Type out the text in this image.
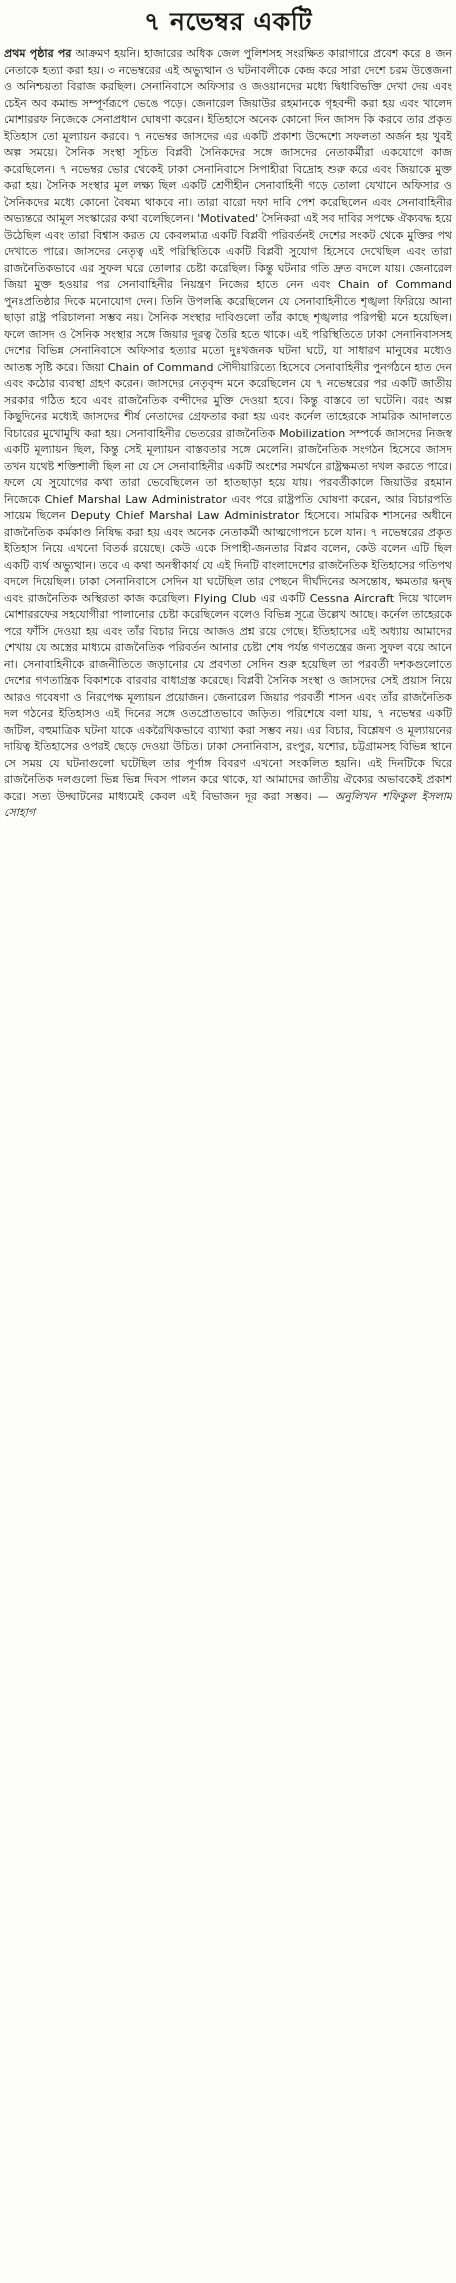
৭ নভেম্বর একটি

প্রথম পৃষ্ঠার পর আক্রমণ হয়নি। হাজারের অধিক জেল পুলিশসহ সংরক্ষিত কারাগারে প্রবেশ করে ৪ জন নেতাকে হত্যা করা হয়। ৩ নভেম্বরের এই অভ্যুত্থান ও ঘটনাবলীকে কেন্দ্র করে সারা দেশে চরম উত্তেজনা ও অনিশ্চয়তা বিরাজ করছিল। সেনানিবাসে অফিসার ও জওয়ানদের মধ্যে দ্বিধাবিভক্তি দেখা দেয় এবং চেইন অব কমান্ড সম্পূর্ণরূপে ভেঙে পড়ে। জেনারেল জিয়াউর রহমানকে গৃহবন্দী করা হয় এবং খালেদ মোশাররফ নিজেকে সেনাপ্রধান ঘোষণা করেন। ইতিহাসে অনেক কোনো দিন জাসদ কি করবে তার প্রকৃত ইতিহাস তো মূল্যায়ন করবে। ৭ নভেম্বর জাসদের এর একটি প্রকাশ্য উদ্দেশ্যে সফলতা অর্জন হয় খুবই অল্প সময়ে। সৈনিক সংস্থা সূচিত বিপ্লবী সৈনিকদের সঙ্গে জাসদের নেতাকর্মীরা একযোগে কাজ করেছিলেন। ৭ নভেম্বর ভোর থেকেই ঢাকা সেনানিবাসে সিপাহীরা বিদ্রোহ শুরু করে এবং জিয়াকে মুক্ত করা হয়। সৈনিক সংস্থার মূল লক্ষ্য ছিল একটি শ্রেণীহীন সেনাবাহিনী গড়ে তোলা যেখানে অফিসার ও সৈনিকদের মধ্যে কোনো বৈষম্য থাকবে না। তারা বারো দফা দাবি পেশ করেছিলেন এবং সেনাবাহিনীর অভ্যন্তরে আমূল সংস্কারের কথা বলেছিলেন। 'Motivated' সৈনিকরা এই সব দাবির সপক্ষে ঐক্যবদ্ধ হয়ে উঠেছিল এবং তারা বিশ্বাস করত যে কেবলমাত্র একটি বিপ্লবী পরিবর্তনই দেশের সংকট থেকে মুক্তির পথ দেখাতে পারে। জাসদের নেতৃত্ব এই পরিস্থিতিকে একটি বিপ্লবী সুযোগ হিসেবে দেখেছিল এবং তারা রাজনৈতিকভাবে এর সুফল ঘরে তোলার চেষ্টা করেছিল। কিন্তু ঘটনার গতি দ্রুত বদলে যায়। জেনারেল জিয়া মুক্ত হওয়ার পর সেনাবাহিনীর নিয়ন্ত্রণ নিজের হাতে নেন এবং Chain of Command পুনঃপ্রতিষ্ঠার দিকে মনোযোগ দেন। তিনি উপলব্ধি করেছিলেন যে সেনাবাহিনীতে শৃঙ্খলা ফিরিয়ে আনা ছাড়া রাষ্ট্র পরিচালনা সম্ভব নয়। সৈনিক সংস্থার দাবিগুলো তাঁর কাছে শৃঙ্খলার পরিপন্থী মনে হয়েছিল। ফলে জাসদ ও সৈনিক সংস্থার সঙ্গে জিয়ার দূরত্ব তৈরি হতে থাকে। এই পরিস্থিতিতে ঢাকা সেনানিবাসসহ দেশের বিভিন্ন সেনানিবাসে অফিসার হত্যার মতো দুঃখজনক ঘটনা ঘটে, যা সাধারণ মানুষের মধ্যেও আতঙ্ক সৃষ্টি করে। জিয়া Chain of Command সৌদীয়ারিত্যে হিসেবে সেনাবাহিনীর পুনর্গঠনে হাত দেন এবং কঠোর ব্যবস্থা গ্রহণ করেন। জাসদের নেতৃবৃন্দ মনে করেছিলেন যে ৭ নভেম্বরের পর একটি জাতীয় সরকার গঠিত হবে এবং রাজনৈতিক বন্দীদের মুক্তি দেওয়া হবে। কিন্তু বাস্তবে তা ঘটেনি। বরং অল্প কিছুদিনের মধ্যেই জাসদের শীর্ষ নেতাদের গ্রেফতার করা হয় এবং কর্নেল তাহেরকে সামরিক আদালতে বিচারের মুখোমুখি করা হয়। সেনাবাহিনীর ভেতরের রাজনৈতিক Mobilization সম্পর্কে জাসদের নিজস্ব একটি মূল্যায়ন ছিল, কিন্তু সেই মূল্যায়ন বাস্তবতার সঙ্গে মেলেনি। রাজনৈতিক সংগঠন হিসেবে জাসদ তখন যথেষ্ট শক্তিশালী ছিল না যে সে সেনাবাহিনীর একটি অংশের সমর্থনে রাষ্ট্রক্ষমতা দখল করতে পারে। ফলে যে সুযোগের কথা তারা ভেবেছিলেন তা হাতছাড়া হয়ে যায়। পরবর্তীকালে জিয়াউর রহমান নিজেকে Chief Marshal Law Administrator এবং পরে রাষ্ট্রপতি ঘোষণা করেন, আর বিচারপতি সায়েম ছিলেন Deputy Chief Marshal Law Administrator হিসেবে। সামরিক শাসনের অধীনে রাজনৈতিক কর্মকাণ্ড নিষিদ্ধ করা হয় এবং অনেক নেতাকর্মী আত্মগোপনে চলে যান। ৭ নভেম্বরের প্রকৃত ইতিহাস নিয়ে এখনো বিতর্ক রয়েছে। কেউ একে সিপাহী-জনতার বিপ্লব বলেন, কেউ বলেন এটি ছিল একটি ব্যর্থ অভ্যুত্থান। তবে এ কথা অনস্বীকার্য যে এই দিনটি বাংলাদেশের রাজনৈতিক ইতিহাসের গতিপথ বদলে দিয়েছিল। ঢাকা সেনানিবাসে সেদিন যা ঘটেছিল তার পেছনে দীর্ঘদিনের অসন্তোষ, ক্ষমতার দ্বন্দ্ব এবং রাজনৈতিক অস্থিরতা কাজ করেছিল। Flying Club এর একটি Cessna Aircraft দিয়ে খালেদ মোশাররফের সহযোগীরা পালানোর চেষ্টা করেছিলেন বলেও বিভিন্ন সূত্রে উল্লেখ আছে। কর্নেল তাহেরকে পরে ফাঁসি দেওয়া হয় এবং তাঁর বিচার নিয়ে আজও প্রশ্ন রয়ে গেছে। ইতিহাসের এই অধ্যায় আমাদের শেখায় যে অস্ত্রের মাধ্যমে রাজনৈতিক পরিবর্তন আনার চেষ্টা শেষ পর্যন্ত গণতন্ত্রের জন্য সুফল বয়ে আনে না। সেনাবাহিনীকে রাজনীতিতে জড়ানোর যে প্রবণতা সেদিন শুরু হয়েছিল তা পরবর্তী দশকগুলোতে দেশের গণতান্ত্রিক বিকাশকে বারবার বাধাগ্রস্ত করেছে। বিপ্লবী সৈনিক সংস্থা ও জাসদের সেই প্রয়াস নিয়ে আরও গবেষণা ও নিরপেক্ষ মূল্যায়ন প্রয়োজন। জেনারেল জিয়ার পরবর্তী শাসন এবং তাঁর রাজনৈতিক দল গঠনের ইতিহাসও এই দিনের সঙ্গে ওতপ্রোতভাবে জড়িত। পরিশেষে বলা যায়, ৭ নভেম্বর একটি জটিল, বহুমাত্রিক ঘটনা যাকে একরৈখিকভাবে ব্যাখ্যা করা সম্ভব নয়। এর বিচার, বিশ্লেষণ ও মূল্যায়নের দায়িত্ব ইতিহাসের ওপরই ছেড়ে দেওয়া উচিত। ঢাকা সেনানিবাস, রংপুর, যশোর, চট্টগ্রামসহ বিভিন্ন স্থানে সে সময় যে ঘটনাগুলো ঘটেছিল তার পূর্ণাঙ্গ বিবরণ এখনো সংকলিত হয়নি। এই দিনটিকে ঘিরে রাজনৈতিক দলগুলো ভিন্ন ভিন্ন দিবস পালন করে থাকে, যা আমাদের জাতীয় ঐক্যের অভাবকেই প্রকাশ করে। সত্য উদ্ঘাটনের মাধ্যমেই কেবল এই বিভাজন দূর করা সম্ভব। — অনুলিখন শফিকুল ইসলাম সোহাগ
